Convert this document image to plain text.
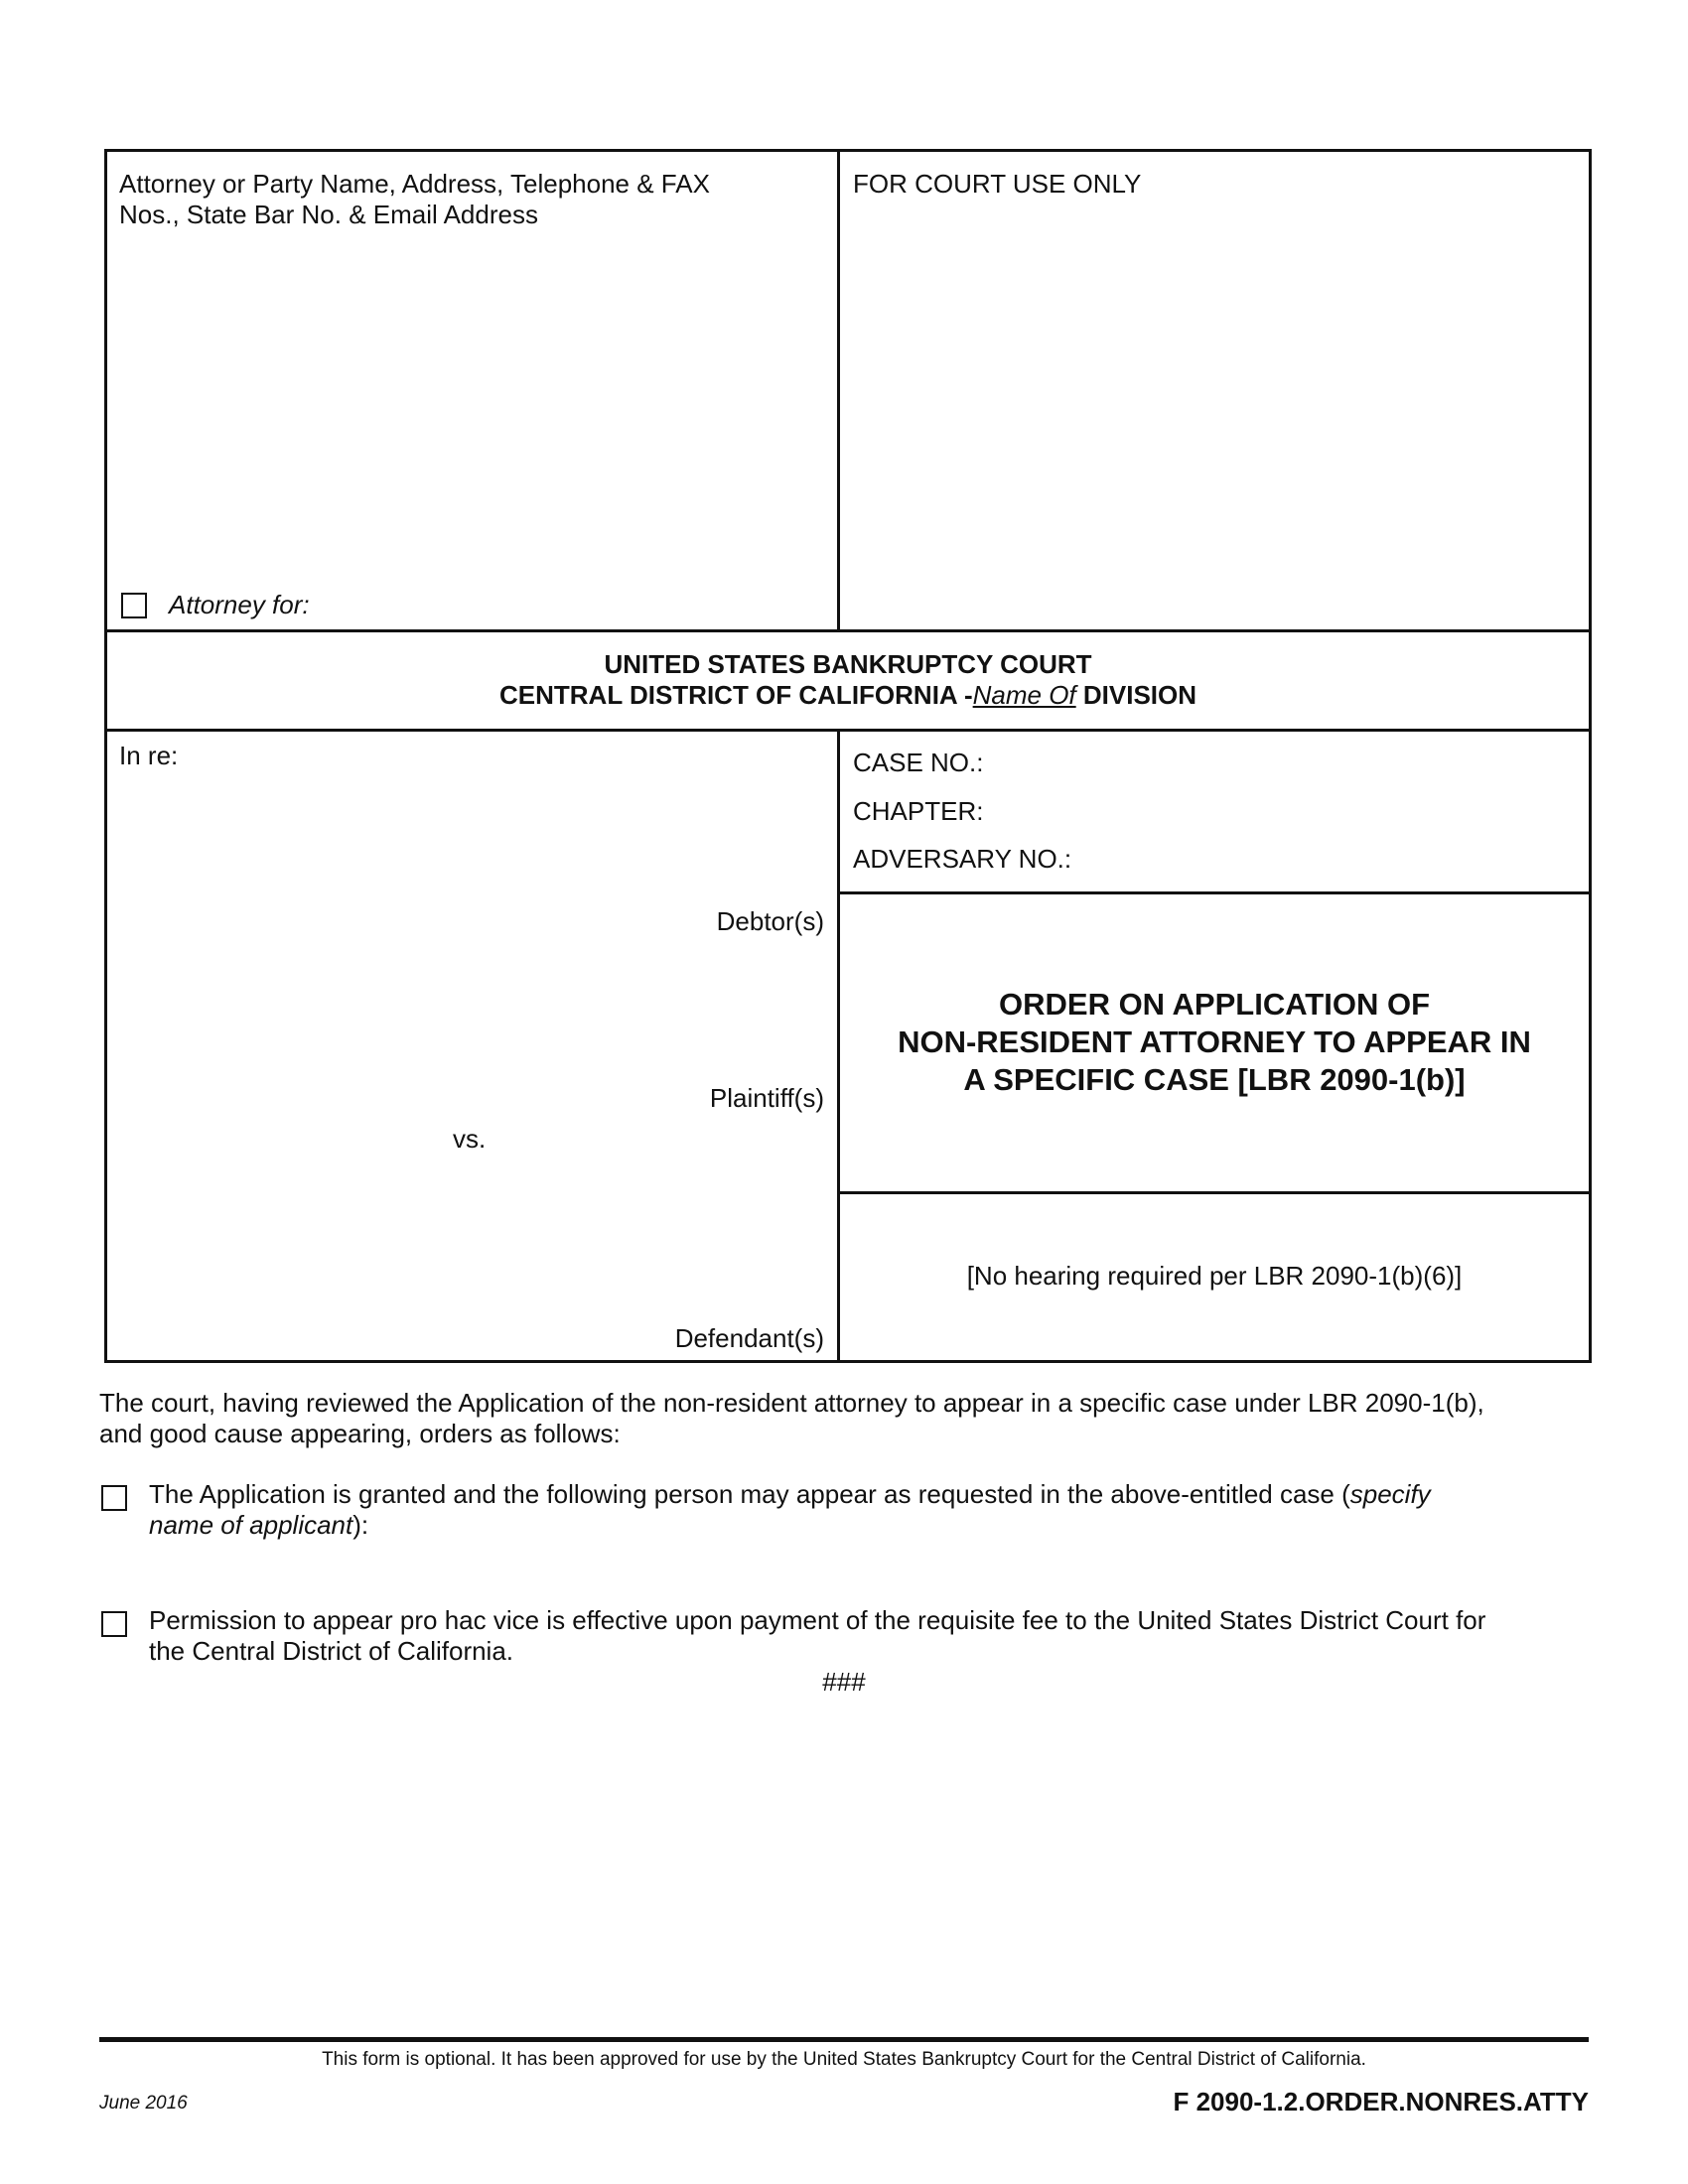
Attorney or Party Name, Address, Telephone & FAX
Nos., State Bar No. & Email Address
FOR COURT USE ONLY
Attorney for:
UNITED STATES BANKRUPTCY COURT
CENTRAL DISTRICT OF CALIFORNIA -Name Of DIVISION
In re:
Debtor(s)
Plaintiff(s)
vs.
Defendant(s)
CASE NO.:
CHAPTER:
ADVERSARY NO.:
ORDER ON APPLICATION OF
NON-RESIDENT ATTORNEY TO APPEAR IN
A SPECIFIC CASE [LBR 2090-1(b)]
[No hearing required per LBR 2090-1(b)(6)]
The court, having reviewed the Application of the non-resident attorney to appear in a specific case under LBR 2090-1(b),
and good cause appearing, orders as follows:
The Application is granted and the following person may appear as requested in the above-entitled case (specify
name of applicant):
Permission to appear pro hac vice is effective upon payment of the requisite fee to the United States District Court for
the Central District of California.
###
This form is optional. It has been approved for use by the United States Bankruptcy Court for the Central District of California.
June 2016	F 2090-1.2.ORDER.NONRES.ATTY
